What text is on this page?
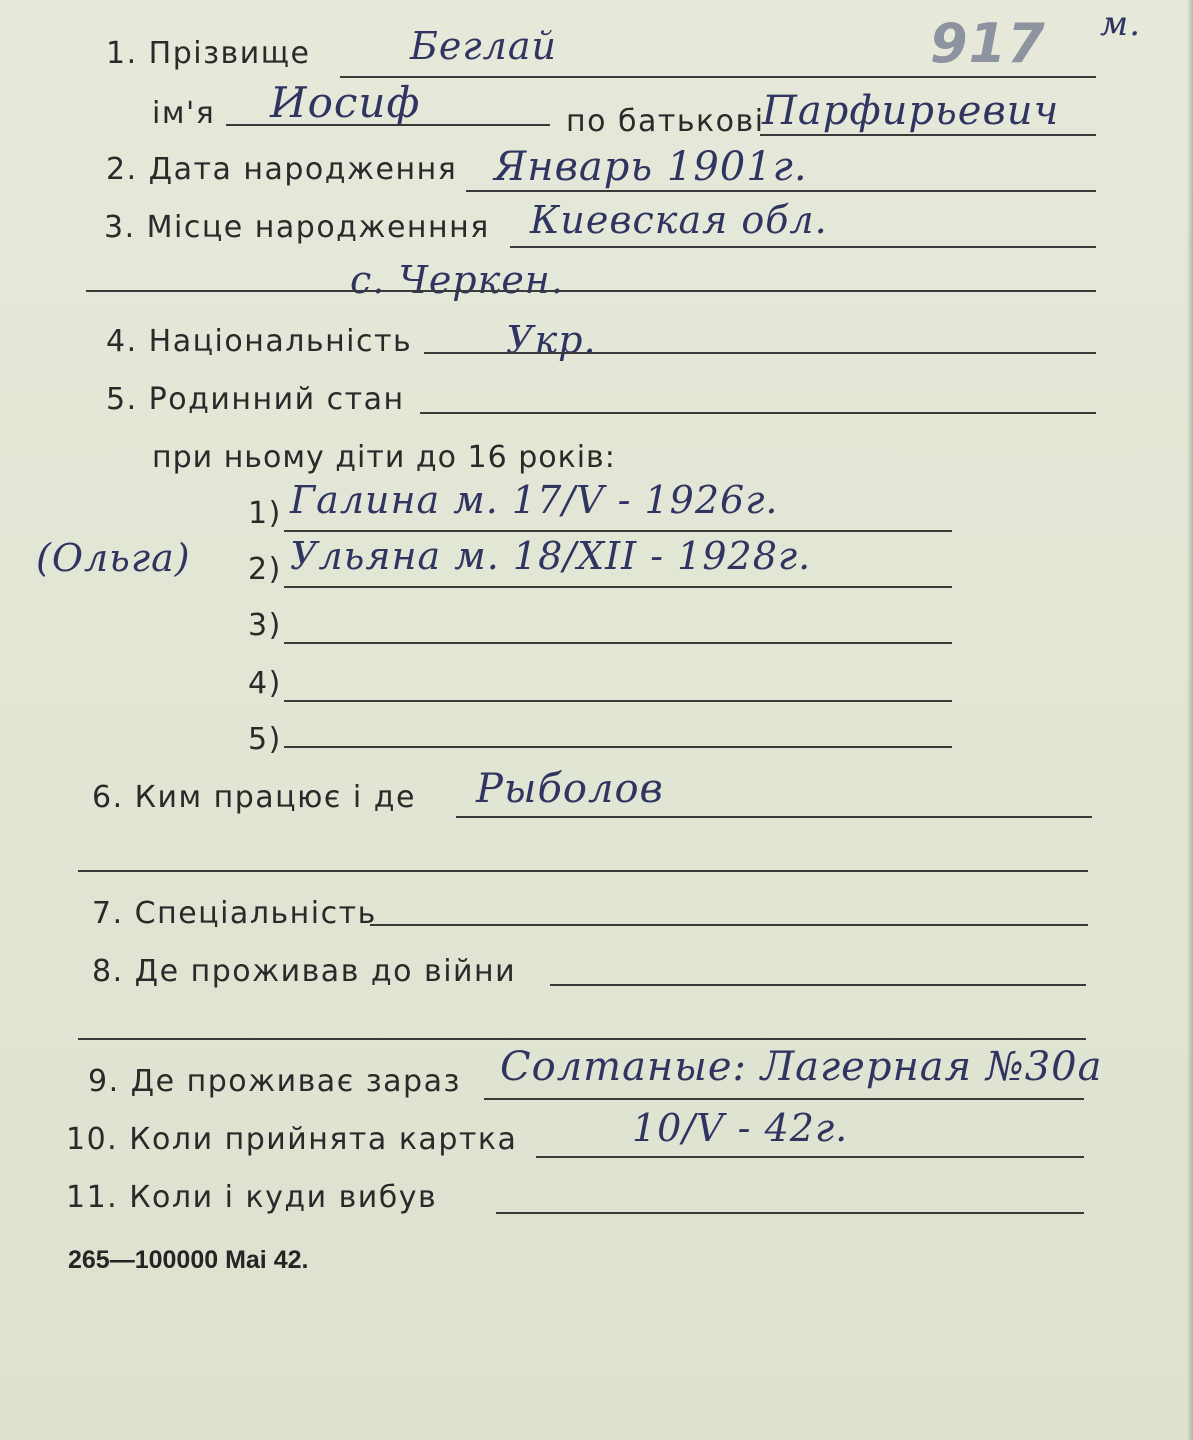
917 м.
1. Прізвище	Беглай
ім'я Иосиф	по батькові
Парфирьевич
2. Дата народження Январь 1901г.
3. Місце народженння Киевская обл.
с. Черкен.
4. Національність Укр.
5. Родинний стан
при ньому діти до 16 років:
1) Галина м. 17/V - 1926г.
(Ольга) 2) Ульяна м. 18/XII - 1928г.
3)
4)
5)
6. Ким працює і де Рыболов
7. Спеціальність
8. Де проживав до війни
9. Де проживає зараз Солтаные: Лагерная №30а
10. Коли прийнята картка	10/V - 42г.
11. Коли і куди вибув
265—100000 Mai 42.
